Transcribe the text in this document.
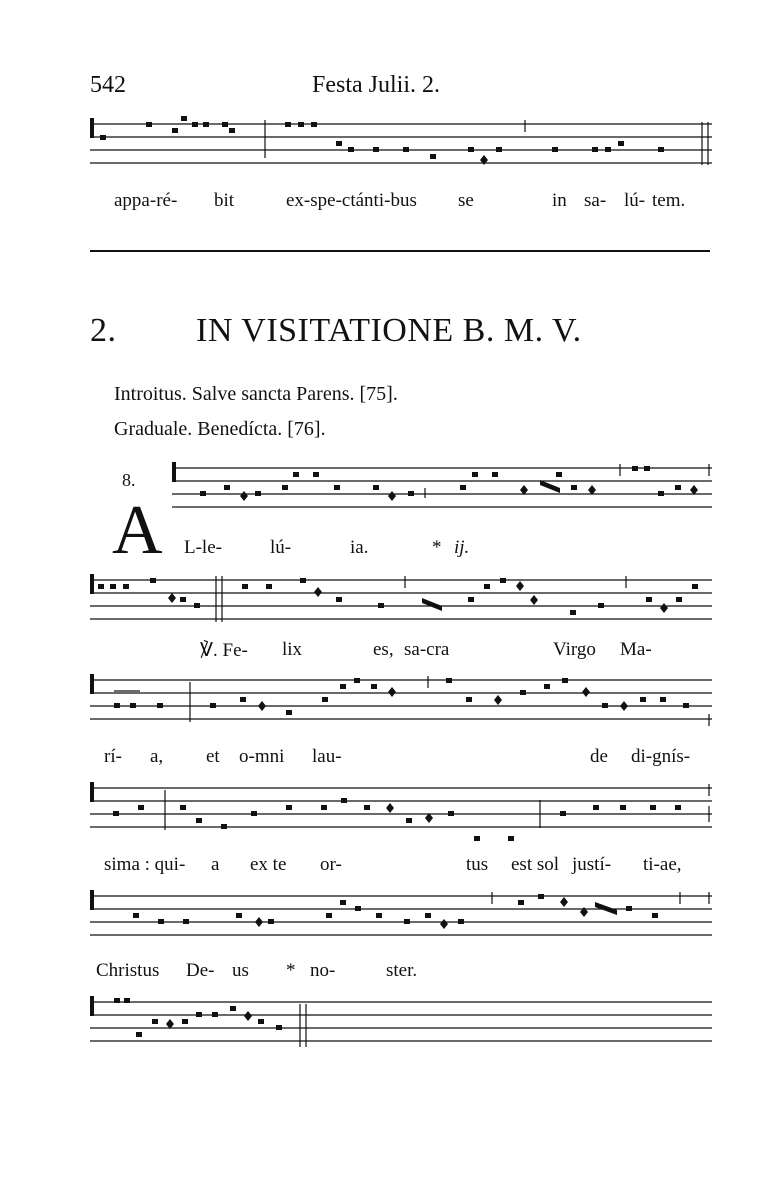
542	Festa Julii. 2.
appa-ré- bit	ex-spe-ctánti-bus se	in sa- lú- tem.
2. IN VISITATIONE B. M. V.
Introitus. Salve sancta Parens. [75].
Graduale. Benedícta. [76].
8.
A L-le-	lú-	ia.	* ij.
℣. Fe- lix	es, sa-cra	Virgo Ma-
rí- a, et o-mni lau-	de di-gnís-
sima : qui- a ex te or-	tus est sol justí- ti-ae,
Christus De- us * no-	ster.
